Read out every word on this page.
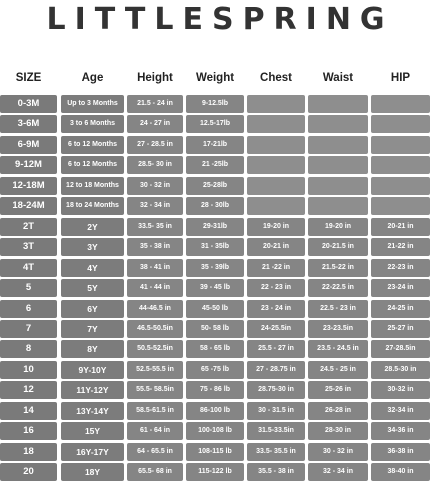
LITTLESPRING
SIZE	Age	Height	Weight	Chest	Waist	HIP
0-3M	Up to 3 Months	21.5 - 24 in	9-12.5lb
3-6M	3 to 6 Months	24 - 27 in	12.5-17lb
6-9M	6 to 12 Months	27 - 28.5 in	17-21lb
9-12M	6 to 12 Months	28.5- 30 in	21 -25lb
12-18M	12 to 18 Months	30 - 32 in	25-28lb
18-24M	18 to 24 Months	32 - 34 in	28 - 30lb
2T	2Y	33.5- 35 in	29-31lb	19-20 in	19-20 in	20-21 in
3T	3Y	35 - 38 in	31 - 35lb	20-21 in	20-21.5 in	21-22 in
4T	4Y	38 - 41 in	35 - 39lb	21 -22 in	21.5-22 in	22-23 in
5	5Y	41 - 44 in	39 - 45 lb	22 - 23 in	22-22.5 in	23-24 in
6	6Y	44-46.5 in	45-50 lb	23 - 24 in	22.5 - 23 in	24-25 in
7	7Y	46.5-50.5in	50- 58 lb	24-25.5in	23-23.5in	25-27 in
8	8Y	50.5-52.5in	58 - 65 lb	25.5 - 27 in	23.5 - 24.5 in	27-28.5in
10	9Y-10Y	52.5-55.5 in	65 -75 lb	27 - 28.75 in	24.5 - 25 in	28.5-30 in
12	11Y-12Y	55.5- 58.5in	75 - 86 lb	28.75-30 in	25-26 in	30-32 in
14	13Y-14Y	58.5-61.5 in	86-100 lb	30 - 31.5 in	26-28 in	32-34 in
16	15Y	61 - 64 in	100-108 lb	31.5-33.5in	28-30 in	34-36 in
18	16Y-17Y	64 - 65.5 in	108-115 lb	33.5- 35.5 in	30 - 32 in	36-38 in
20	18Y	65.5- 68 in	115-122 lb	35.5 - 38 in	32 - 34 in	38-40 in
